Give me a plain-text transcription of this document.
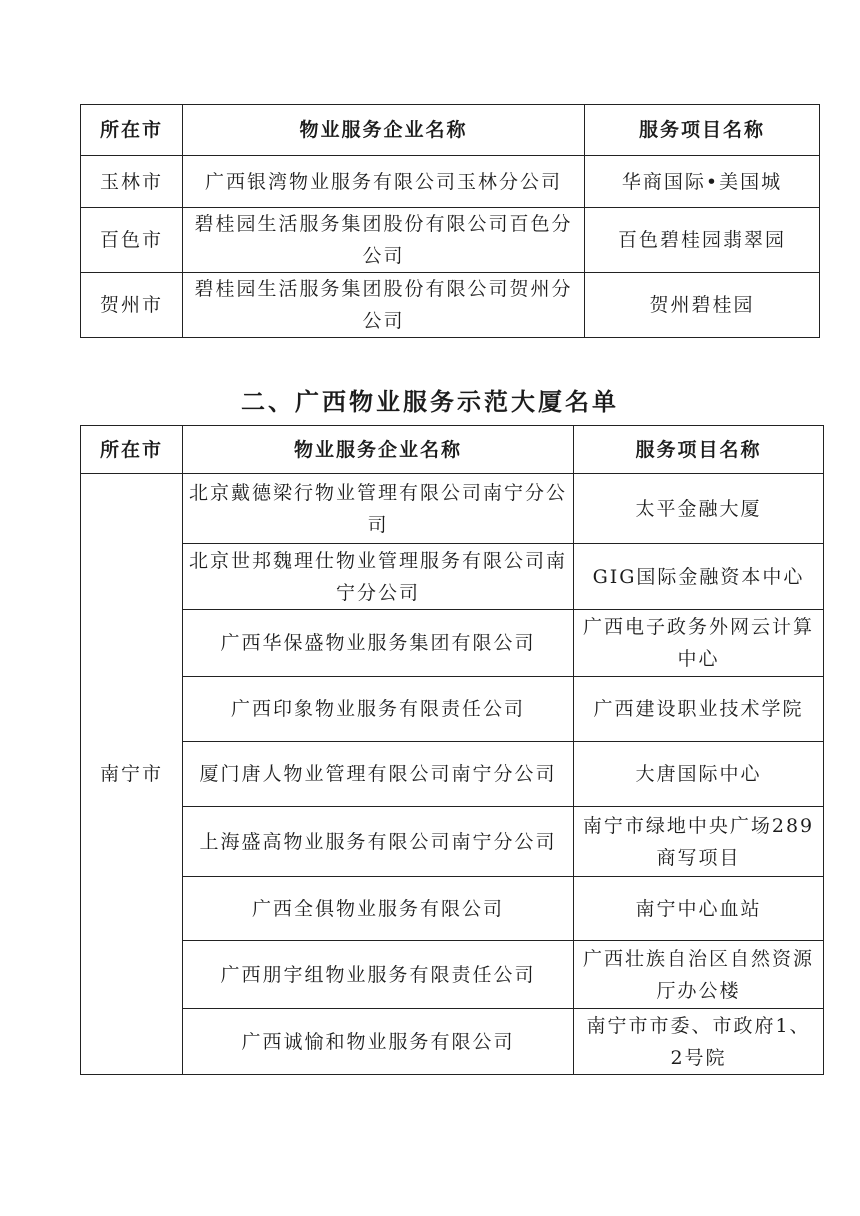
所在市	物业服务企业名称	服务项目名称
玉林市	广西银湾物业服务有限公司玉林分公司	华商国际•美国城
百色市	碧桂园生活服务集团股份有限公司百色分公司	百色碧桂园翡翠园
贺州市	碧桂园生活服务集团股份有限公司贺州分公司	贺州碧桂园
二、广西物业服务示范大厦名单
所在市	物业服务企业名称	服务项目名称
南宁市	北京戴德梁行物业管理有限公司南宁分公司	太平金融大厦
	北京世邦魏理仕物业管理服务有限公司南宁分公司	GIG国际金融资本中心
	广西华保盛物业服务集团有限公司	广西电子政务外网云计算中心
	广西印象物业服务有限责任公司	广西建设职业技术学院
	厦门唐人物业管理有限公司南宁分公司	大唐国际中心
	上海盛高物业服务有限公司南宁分公司	南宁市绿地中央广场289商写项目
	广西全俱物业服务有限公司	南宁中心血站
	广西朋宇组物业服务有限责任公司	广西壮族自治区自然资源厅办公楼
	广西诚愉和物业服务有限公司	南宁市市委、市政府1、2号院
